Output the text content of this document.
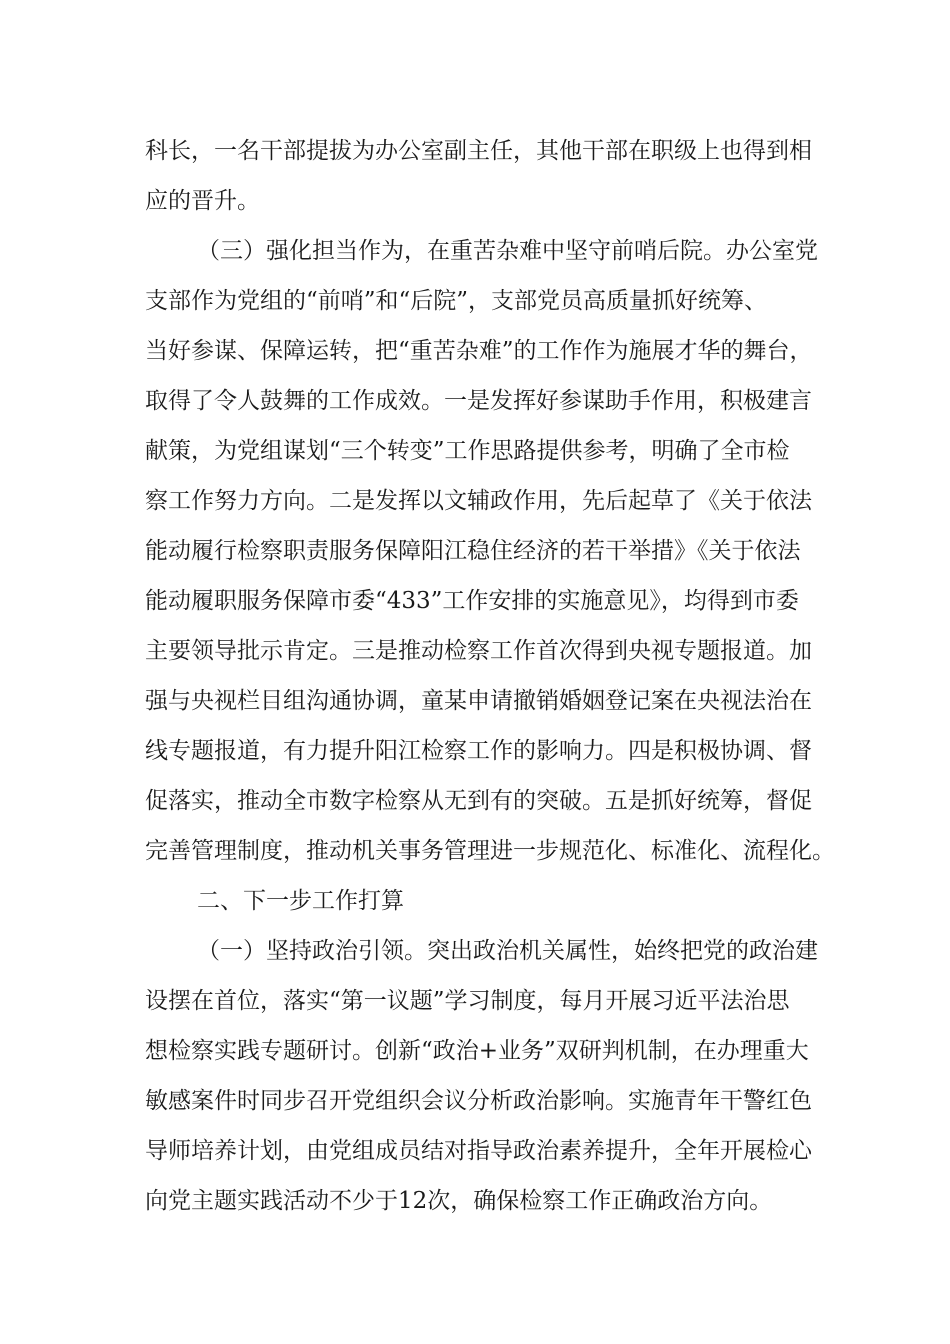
科长，一名干部提拔为办公室副主任，其他干部在职级上也得到相
应的晋升。
（三）强化担当作为，在重苦杂难中坚守前哨后院。办公室党
支部作为党组的“前哨”和“后院”，支部党员高质量抓好统筹、
当好参谋、保障运转，把“重苦杂难”的工作作为施展才华的舞台，
取得了令人鼓舞的工作成效。一是发挥好参谋助手作用，积极建言
献策，为党组谋划“三个转变”工作思路提供参考，明确了全市检
察工作努力方向。二是发挥以文辅政作用，先后起草了《关于依法
能动履行检察职责服务保障阳江稳住经济的若干举措》《关于依法
能动履职服务保障市委“433”工作安排的实施意见》，均得到市委
主要领导批示肯定。三是推动检察工作首次得到央视专题报道。加
强与央视栏目组沟通协调，童某申请撤销婚姻登记案在央视法治在
线专题报道，有力提升阳江检察工作的影响力。四是积极协调、督
促落实，推动全市数字检察从无到有的突破。五是抓好统筹，督促
完善管理制度，推动机关事务管理进一步规范化、标准化、流程化。
二、下一步工作打算
（一）坚持政治引领。突出政治机关属性，始终把党的政治建
设摆在首位，落实“第一议题”学习制度，每月开展习近平法治思
想检察实践专题研讨。创新“政治+业务”双研判机制，在办理重大
敏感案件时同步召开党组织会议分析政治影响。实施青年干警红色
导师培养计划，由党组成员结对指导政治素养提升，全年开展检心
向党主题实践活动不少于12次，确保检察工作正确政治方向。
